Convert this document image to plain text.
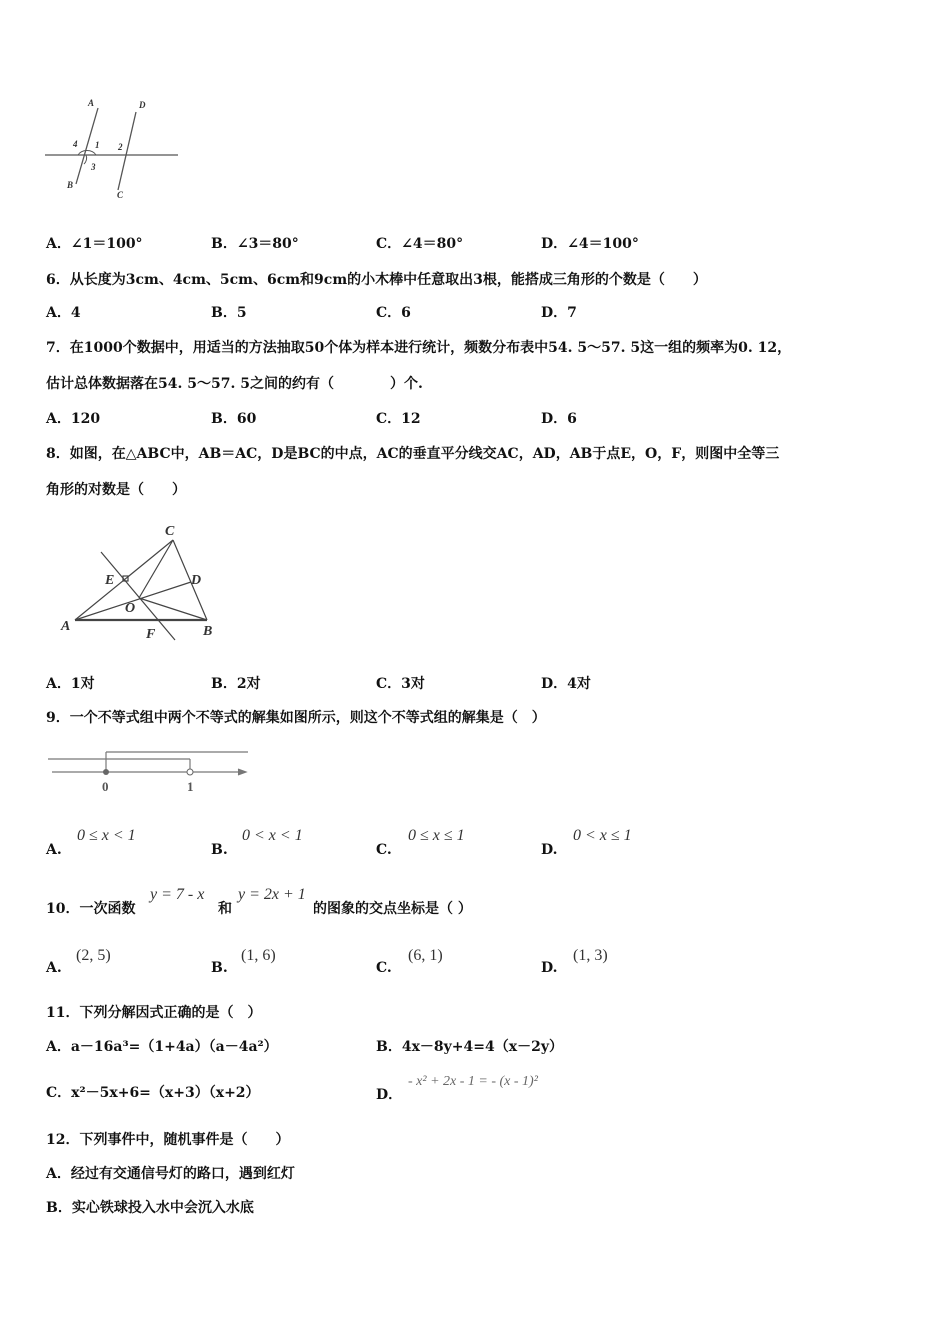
A	D
4 1 2
3
B
C
A．∠1＝100°	B．∠3＝80°	C．∠4＝80°	D．∠4＝100°
6．从长度为3cm、4cm、5cm、6cm和9cm的小木棒中任意取出3根，能搭成三角形的个数是（　　）
A．4	B．5	C．6	D．7
7．在1000个数据中，用适当的方法抽取50个体为样本进行统计，频数分布表中54. 5～57. 5这一组的频率为0. 12，
估计总体数据落在54. 5～57. 5之间的约有（　　　　）个.
A．120	B．60	C．12	D．6
8．如图，在△ABC中，AB＝AC，D是BC的中点，AC的垂直平分线交AC，AD，AB于点E，O，F，则图中全等三
角形的对数是（　　）
C
E	D
O
A
F	B
A．1对	B．2对	C．3对	D．4对
9．一个不等式组中两个不等式的解集如图所示，则这个不等式组的解集是（　）
0	1
A.
0 ≤ x < 1
B.
0 < x < 1
C.
0 ≤ x ≤ 1
D.
0 < x ≤ 1
10．一次函数
y = 7 - x
和
y = 2x + 1
的图象的交点坐标是（ ）
A.
(2, 5)
B.
(1, 6)
C.
(6, 1)
D.
(1, 3)
11．下列分解因式正确的是（　）
A．a－16a³=（1+4a）（a－4a²）	B．4x－8y+4=4（x－2y）
C．x²－5x+6=（x+3）（x+2）	D．
- x² + 2x - 1 = - (x - 1)²
12．下列事件中，随机事件是（　　）
A．经过有交通信号灯的路口，遇到红灯
B．实心铁球投入水中会沉入水底
